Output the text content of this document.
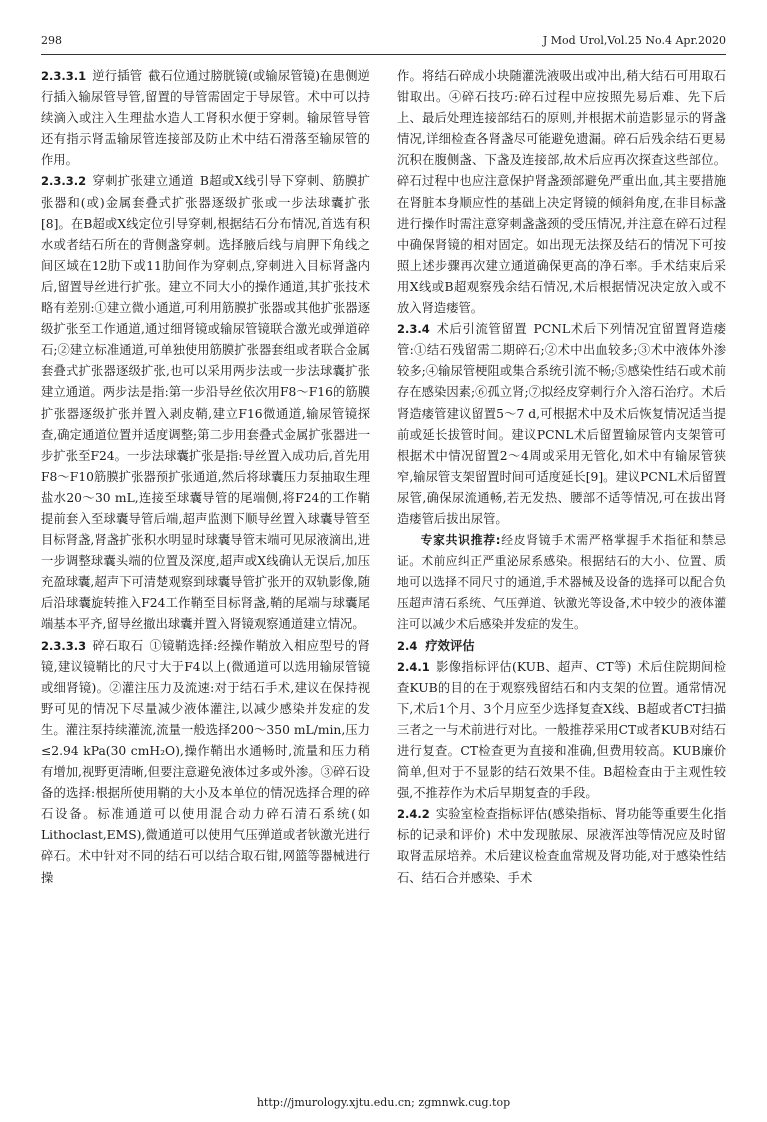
298	J Mod Urol,Vol.25 No.4 Apr.2020

2.3.3.1 逆行插管 截石位通过膀胱镜(或输尿管镜)在患侧逆行插入输尿管导管,留置的导管需固定于导尿管。术中可以持续滴入或注入生理盐水造人工肾积水便于穿刺。输尿管导管还有指示肾盂输尿管连接部及防止术中结石滑落至输尿管的作用。

2.3.3.2 穿刺扩张建立通道 B超或X线引导下穿刺、筋膜扩张器和(或)金属套叠式扩张器逐级扩张或一步法球囊扩张[8]。在B超或X线定位引导穿刺,根据结石分布情况,首选有积水或者结石所在的背侧盏穿刺。选择腋后线与肩胛下角线之间区域在12肋下或11肋间作为穿刺点,穿刺进入目标肾盏内后,留置导丝进行扩张。建立不同大小的操作通道,其扩张技术略有差别:①建立微小通道,可利用筋膜扩张器或其他扩张器逐级扩张至工作通道,通过细肾镜或输尿管镜联合激光或弹道碎石;②建立标准通道,可单独使用筋膜扩张器套组或者联合金属套叠式扩张器逐级扩张,也可以采用两步法或一步法球囊扩张建立通道。两步法是指:第一步沿导丝依次用F8～F16的筋膜扩张器逐级扩张并置入剥皮鞘,建立F16微通道,输尿管镜探查,确定通道位置并适度调整;第二步用套叠式金属扩张器进一步扩张至F24。一步法球囊扩张是指:导丝置入成功后,首先用F8～F10筋膜扩张器预扩张通道,然后将球囊压力泵抽取生理盐水20～30 mL,连接至球囊导管的尾端侧,将F24的工作鞘提前套入至球囊导管后端,超声监测下顺导丝置入球囊导管至目标肾盏,肾盏扩张积水明显时球囊导管末端可见尿液滴出,进一步调整球囊头端的位置及深度,超声或X线确认无误后,加压充盈球囊,超声下可清楚观察到球囊导管扩张开的双轨影像,随后沿球囊旋转推入F24工作鞘至目标肾盏,鞘的尾端与球囊尾端基本平齐,留导丝撤出球囊并置入肾镜观察通道建立情况。

2.3.3.3 碎石取石 ①镜鞘选择:经操作鞘放入相应型号的肾镜,建议镜鞘比的尺寸大于F4以上(微通道可以选用输尿管镜或细肾镜)。②灌注压力及流速:对于结石手术,建议在保持视野可见的情况下尽量减少液体灌注,以减少感染并发症的发生。灌注泵持续灌流,流量一般选择200～350 mL/min,压力≤2.94 kPa(30 cmH₂O),操作鞘出水通畅时,流量和压力稍有增加,视野更清晰,但要注意避免液体过多或外渗。③碎石设备的选择:根据所使用鞘的大小及本单位的情况选择合理的碎石设备。标准通道可以使用混合动力碎石清石系统(如Lithoclast,EMS),微通道可以使用气压弹道或者钬激光进行碎石。术中针对不同的结石可以结合取石钳,网篮等器械进行操

作。将结石碎成小块随灌洗液吸出或冲出,稍大结石可用取石钳取出。④碎石技巧:碎石过程中应按照先易后难、先下后上、最后处理连接部结石的原则,并根据术前造影显示的肾盏情况,详细检查各肾盏尽可能避免遗漏。碎石后残余结石更易沉积在腹侧盏、下盏及连接部,故术后应再次探查这些部位。碎石过程中也应注意保护肾盏颈部避免严重出血,其主要措施在肾脏本身顺应性的基础上决定肾镜的倾斜角度,在非目标盏进行操作时需注意穿刺盏盏颈的受压情况,并注意在碎石过程中确保肾镜的相对固定。如出现无法探及结石的情况下可按照上述步骤再次建立通道确保更高的净石率。手术结束后采用X线或B超观察残余结石情况,术后根据情况决定放入或不放入肾造瘘管。

2.3.4 术后引流管留置 PCNL术后下列情况宜留置肾造瘘管:①结石残留需二期碎石;②术中出血较多;③术中液体外渗较多;④输尿管梗阻或集合系统引流不畅;⑤感染性结石或术前存在感染因素;⑥孤立肾;⑦拟经皮穿刺行介入溶石治疗。术后肾造瘘管建议留置5～7 d,可根据术中及术后恢复情况适当提前或延长拔管时间。建议PCNL术后留置输尿管内支架管可根据术中情况留置2～4周或采用无管化,如术中有输尿管狭窄,输尿管支架留置时间可适度延长[9]。建议PCNL术后留置尿管,确保尿流通畅,若无发热、腰部不适等情况,可在拔出肾造瘘管后拔出尿管。

专家共识推荐:经皮肾镜手术需严格掌握手术指征和禁忌证。术前应纠正严重泌尿系感染。根据结石的大小、位置、质地可以选择不同尺寸的通道,手术器械及设备的选择可以配合负压超声清石系统、气压弹道、钬激光等设备,术中较少的液体灌注可以减少术后感染并发症的发生。

2.4 疗效评估

2.4.1 影像指标评估(KUB、超声、CT等) 术后住院期间检查KUB的目的在于观察残留结石和内支架的位置。通常情况下,术后1个月、3个月应至少选择复查X线、B超或者CT扫描三者之一与术前进行对比。一般推荐采用CT或者KUB对结石进行复查。CT检查更为直接和准确,但费用较高。KUB廉价简单,但对于不显影的结石效果不佳。B超检查由于主观性较强,不推荐作为术后早期复查的手段。

2.4.2 实验室检查指标评估(感染指标、肾功能等重要生化指标的记录和评价) 术中发现脓尿、尿液浑浊等情况应及时留取肾盂尿培养。术后建议检查血常规及肾功能,对于感染性结石、结石合并感染、手术

http://jmurology.xjtu.edu.cn; zgmnwk.cug.top
